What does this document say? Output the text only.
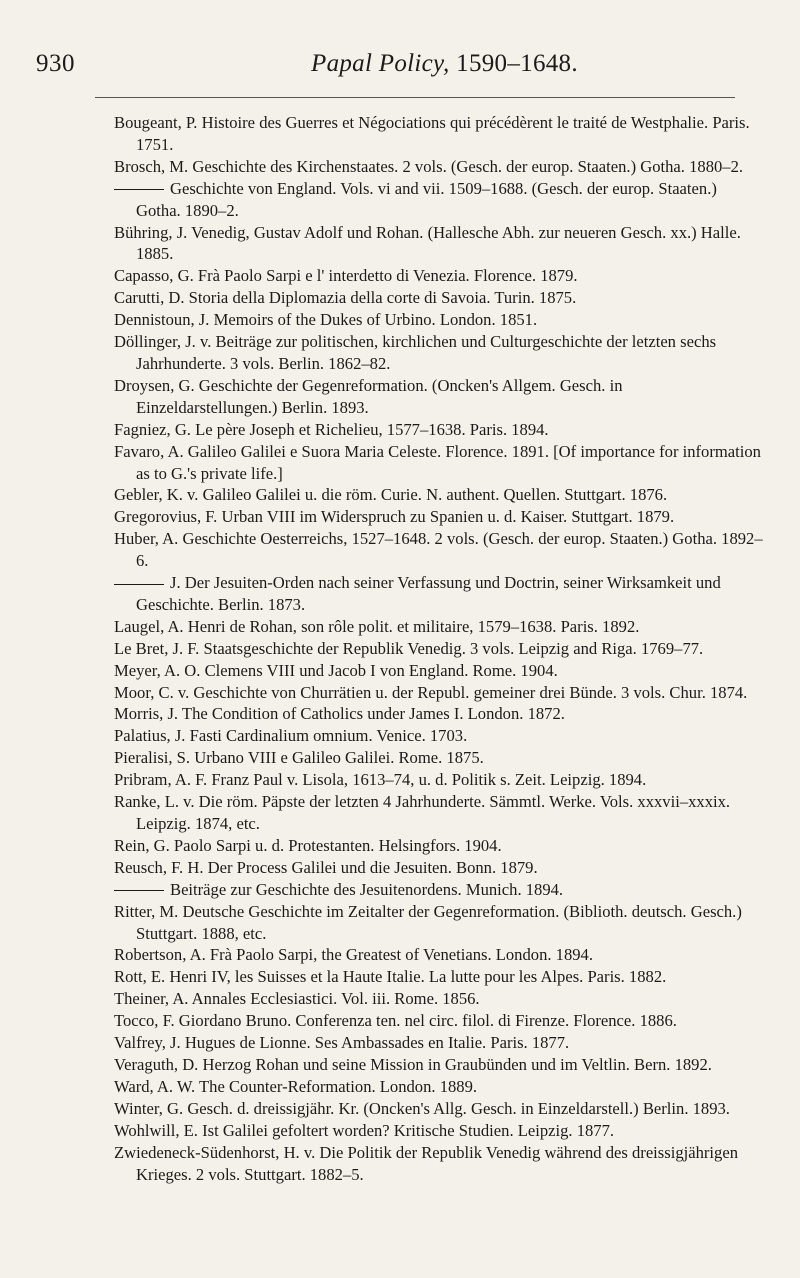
930	Papal Policy, 1590–1648.

Bougeant, P. Histoire des Guerres et Négociations qui précédèrent le traité de Westphalie. Paris. 1751.

Brosch, M. Geschichte des Kirchenstaates. 2 vols. (Gesch. der europ. Staaten.) Gotha. 1880–2.

Geschichte von England. Vols. vi and vii. 1509–1688. (Gesch. der europ. Staaten.) Gotha. 1890–2.

Bühring, J. Venedig, Gustav Adolf und Rohan. (Hallesche Abh. zur neueren Gesch. xx.) Halle. 1885.

Capasso, G. Frà Paolo Sarpi e l' interdetto di Venezia. Florence. 1879.

Carutti, D. Storia della Diplomazia della corte di Savoia. Turin. 1875.

Dennistoun, J. Memoirs of the Dukes of Urbino. London. 1851.

Döllinger, J. v. Beiträge zur politischen, kirchlichen und Culturgeschichte der letzten sechs Jahrhunderte. 3 vols. Berlin. 1862–82.

Droysen, G. Geschichte der Gegenreformation. (Oncken's Allgem. Gesch. in Einzeldarstellungen.) Berlin. 1893.

Fagniez, G. Le père Joseph et Richelieu, 1577–1638. Paris. 1894.

Favaro, A. Galileo Galilei e Suora Maria Celeste. Florence. 1891. [Of importance for information as to G.'s private life.]

Gebler, K. v. Galileo Galilei u. die röm. Curie. N. authent. Quellen. Stuttgart. 1876.

Gregorovius, F. Urban VIII im Widerspruch zu Spanien u. d. Kaiser. Stuttgart. 1879.

Huber, A. Geschichte Oesterreichs, 1527–1648. 2 vols. (Gesch. der europ. Staaten.) Gotha. 1892–6.

J. Der Jesuiten-Orden nach seiner Verfassung und Doctrin, seiner Wirksamkeit und Geschichte. Berlin. 1873.

Laugel, A. Henri de Rohan, son rôle polit. et militaire, 1579–1638. Paris. 1892.

Le Bret, J. F. Staatsgeschichte der Republik Venedig. 3 vols. Leipzig and Riga. 1769–77.

Meyer, A. O. Clemens VIII und Jacob I von England. Rome. 1904.

Moor, C. v. Geschichte von Churrätien u. der Republ. gemeiner drei Bünde. 3 vols. Chur. 1874.

Morris, J. The Condition of Catholics under James I. London. 1872.

Palatius, J. Fasti Cardinalium omnium. Venice. 1703.

Pieralisi, S. Urbano VIII e Galileo Galilei. Rome. 1875.

Pribram, A. F. Franz Paul v. Lisola, 1613–74, u. d. Politik s. Zeit. Leipzig. 1894.

Ranke, L. v. Die röm. Päpste der letzten 4 Jahrhunderte. Sämmtl. Werke. Vols. xxxvii–xxxix. Leipzig. 1874, etc.

Rein, G. Paolo Sarpi u. d. Protestanten. Helsingfors. 1904.

Reusch, F. H. Der Process Galilei und die Jesuiten. Bonn. 1879.

Beiträge zur Geschichte des Jesuitenordens. Munich. 1894.

Ritter, M. Deutsche Geschichte im Zeitalter der Gegenreformation. (Biblioth. deutsch. Gesch.) Stuttgart. 1888, etc.

Robertson, A. Frà Paolo Sarpi, the Greatest of Venetians. London. 1894.

Rott, E. Henri IV, les Suisses et la Haute Italie. La lutte pour les Alpes. Paris. 1882.

Theiner, A. Annales Ecclesiastici. Vol. iii. Rome. 1856.

Tocco, F. Giordano Bruno. Conferenza ten. nel circ. filol. di Firenze. Florence. 1886.

Valfrey, J. Hugues de Lionne. Ses Ambassades en Italie. Paris. 1877.

Veraguth, D. Herzog Rohan und seine Mission in Graubünden und im Veltlin. Bern. 1892.

Ward, A. W. The Counter-Reformation. London. 1889.

Winter, G. Gesch. d. dreissigjähr. Kr. (Oncken's Allg. Gesch. in Einzeldarstell.) Berlin. 1893.

Wohlwill, E. Ist Galilei gefoltert worden? Kritische Studien. Leipzig. 1877.

Zwiedeneck-Südenhorst, H. v. Die Politik der Republik Venedig während des dreissigjährigen Krieges. 2 vols. Stuttgart. 1882–5.
